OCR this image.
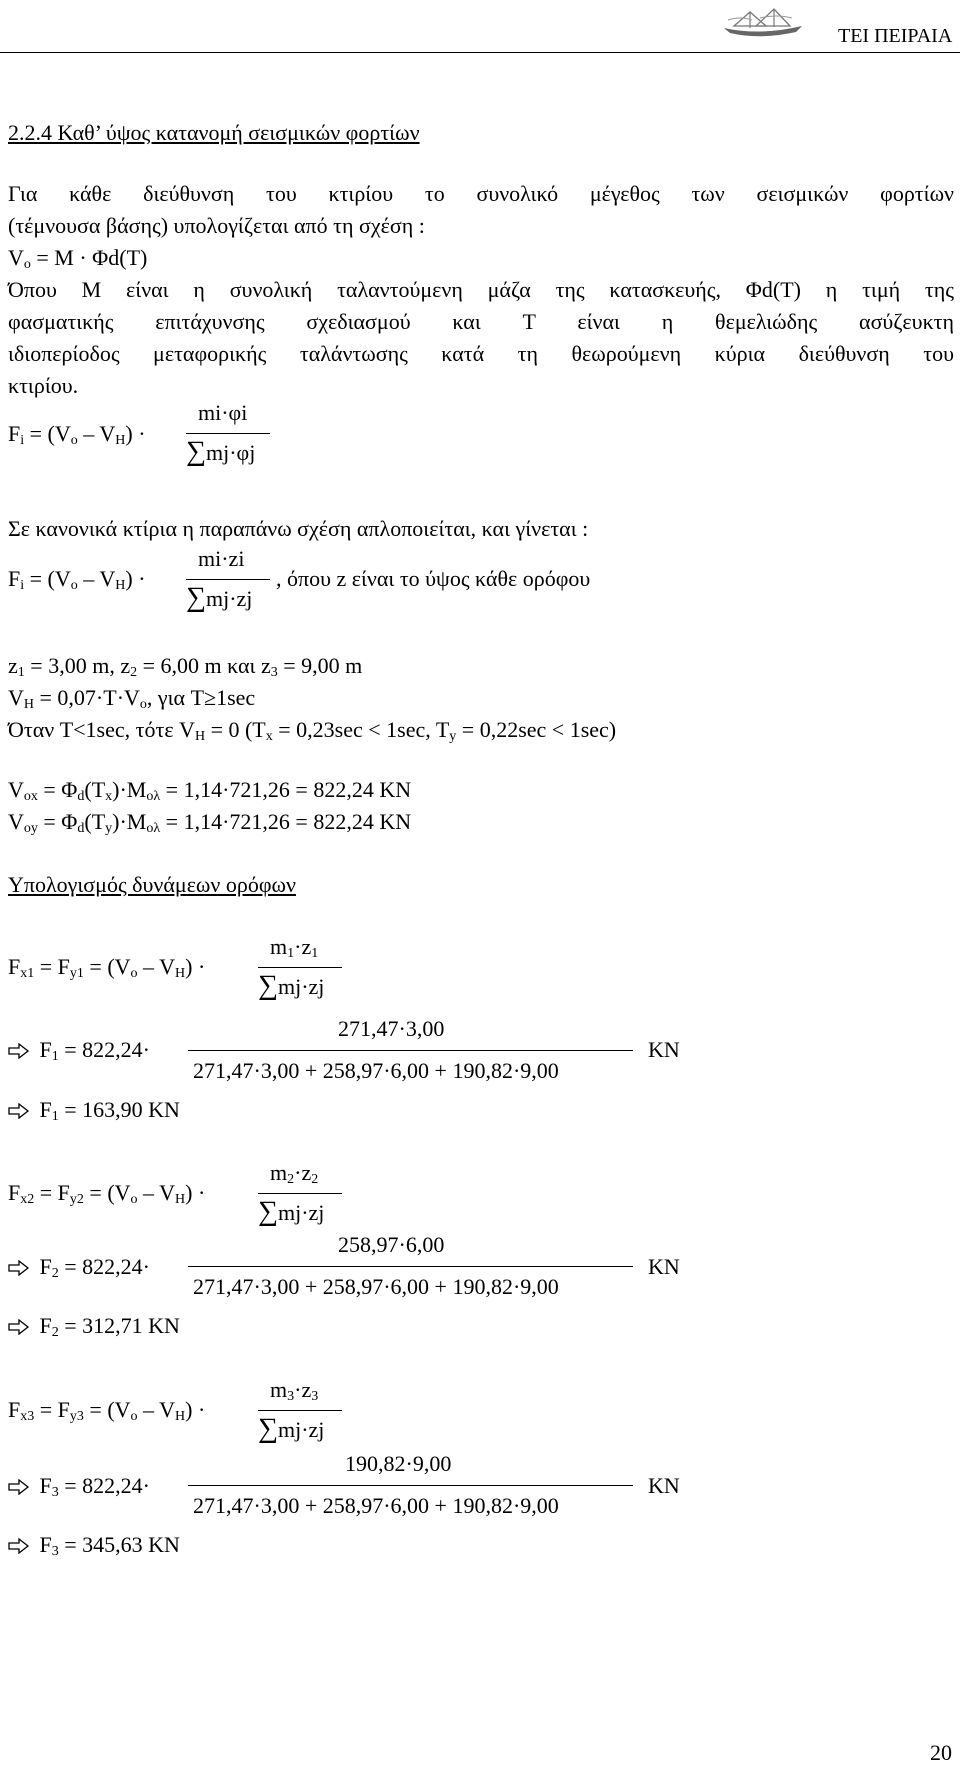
ΤΕΙ ΠΕΙΡΑΙΑ
2.2.4 Καθ’ ύψος κατανομή σεισμικών φορτίων
Για κάθε διεύθυνση του κτιρίου το συνολικό μέγεθος των σεισμικών φορτίων
(τέμνουσα βάσης) υπολογίζεται από τη σχέση :
$V_o = M \cdot \Phi d(T)$
Όπου M είναι η συνολική ταλαντούμενη μάζα της κατασκευής, Φd(T) η τιμή της
φασματικής επιτάχυνσης σχεδιασμού και T είναι η θεμελιώδης ασύζευκτη
ιδιοπερίοδος μεταφορικής ταλάντωσης κατά τη θεωρούμενη κύρια διεύθυνση του
κτιρίου.
$F_i = (V_o - V_H)$ ·
mi·φi
∑mj·φj
Σε κανονικά κτίρια η παραπάνω σχέση απλοποιείται, και γίνεται :
$F_i = (V_o - V_H)$ ·
mi·zi
∑mj·zj
, όπου z είναι το ύψος κάθε ορόφου
$z_1 = 3,00$ m, $z_2 = 6,00$ m και $z_3 = 9,00$ m
$V_H = 0,07\cdot T\cdot V_o$, για T≥1sec
Όταν T<1sec, τότε $V_H = 0$ ($T_x = 0,23\sec < 1\sec$, $T_y = 0,22\sec < 1\sec$)
$V_{ox} = \Phi_d(T_x)\cdot M_{o\lambda} = 1,14\cdot 721,26 = 822,24$ KN
$V_{oy} = \Phi_d(T_y)\cdot M_{o\lambda} = 1,14\cdot 721,26 = 822,24$ KN
Υπολογισμός δυνάμεων ορόφων
$F_{x1} = F_{y1} = (V_o - V_H)$ ·
$m_1\cdot z_1$
∑mj·zj
$F_1 = 822,24\cdot$
271,47·3,00
271,47·3,00 + 258,97·6,00 + 190,82·9,00
KN
$F_1 = 163,90$ KN
$F_{x2} = F_{y2} = (V_o - V_H)$ ·
$m_2\cdot z_2$
∑mj·zj
$F_2 = 822,24\cdot$
258,97·6,00
271,47·3,00 + 258,97·6,00 + 190,82·9,00
KN
$F_2 = 312,71$ KN
$F_{x3} = F_{y3} = (V_o - V_H)$ ·
$m_3\cdot z_3$
∑mj·zj
$F_3 = 822,24\cdot$
190,82·9,00
271,47·3,00 + 258,97·6,00 + 190,82·9,00
KN
$F_3 = 345,63$ KN
20
